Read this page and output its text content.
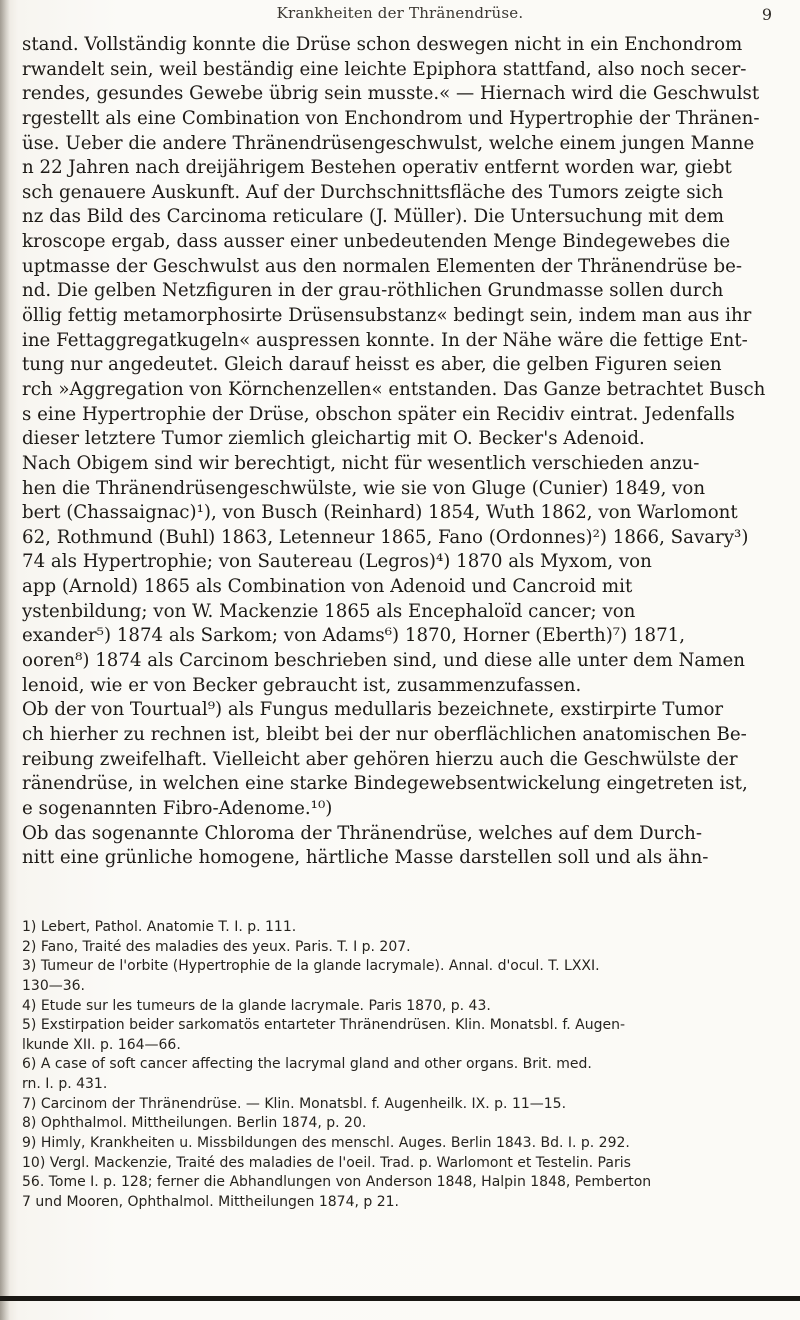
Krankheiten der Thränendrüse.	9
stand. Vollständig konnte die Drüse schon deswegen nicht in ein Enchondrom
rwandelt sein, weil beständig eine leichte Epiphora stattfand, also noch secer-
rendes, gesundes Gewebe übrig sein musste.« — Hiernach wird die Geschwulst
rgestellt als eine Combination von Enchondrom und Hypertrophie der Thränen-
üse. Ueber die andere Thränendrüsengeschwulst, welche einem jungen Manne
n 22 Jahren nach dreijährigem Bestehen operativ entfernt worden war, giebt
sch genauere Auskunft. Auf der Durchschnittsfläche des Tumors zeigte sich
nz das Bild des Carcinoma reticulare (J. Müller). Die Untersuchung mit dem
kroscope ergab, dass ausser einer unbedeutenden Menge Bindegewebes die
uptmasse der Geschwulst aus den normalen Elementen der Thränendrüse be-
nd. Die gelben Netzfiguren in der grau-röthlichen Grundmasse sollen durch
öllig fettig metamorphosirte Drüsensubstanz« bedingt sein, indem man aus ihr
ine Fettaggregatkugeln« auspressen konnte. In der Nähe wäre die fettige Ent-
tung nur angedeutet. Gleich darauf heisst es aber, die gelben Figuren seien
rch »Aggregation von Körnchenzellen« entstanden. Das Ganze betrachtet Busch
s eine Hypertrophie der Drüse, obschon später ein Recidiv eintrat. Jedenfalls
dieser letztere Tumor ziemlich gleichartig mit O. Becker's Adenoid.
Nach Obigem sind wir berechtigt, nicht für wesentlich verschieden anzu-
hen die Thränendrüsengeschwülste, wie sie von Gluge (Cunier) 1849, von
bert (Chassaignac)¹), von Busch (Reinhard) 1854, Wuth 1862, von Warlomont
62, Rothmund (Buhl) 1863, Letenneur 1865, Fano (Ordonnes)²) 1866, Savary³)
74 als Hypertrophie; von Sautereau (Legros)⁴) 1870 als Myxom, von
app (Arnold) 1865 als Combination von Adenoid und Cancroid mit
ystenbildung; von W. Mackenzie 1865 als Encephaloïd cancer; von
exander⁵) 1874 als Sarkom; von Adams⁶) 1870, Horner (Eberth)⁷) 1871,
ooren⁸) 1874 als Carcinom beschrieben sind, und diese alle unter dem Namen
lenoid, wie er von Becker gebraucht ist, zusammenzufassen.
Ob der von Tourtual⁹) als Fungus medullaris bezeichnete, exstirpirte Tumor
ch hierher zu rechnen ist, bleibt bei der nur oberflächlichen anatomischen Be-
reibung zweifelhaft. Vielleicht aber gehören hierzu auch die Geschwülste der
ränendrüse, in welchen eine starke Bindegewebsentwickelung eingetreten ist,
e sogenannten Fibro-Adenome.¹⁰)
Ob das sogenannte Chloroma der Thränendrüse, welches auf dem Durch-
nitt eine grünliche homogene, härtliche Masse darstellen soll und als ähn-
1) Lebert, Pathol. Anatomie T. I. p. 111.
2) Fano, Traité des maladies des yeux. Paris. T. I p. 207.
3) Tumeur de l'orbite (Hypertrophie de la glande lacrymale). Annal. d'ocul. T. LXXI.
130—36.
4) Etude sur les tumeurs de la glande lacrymale. Paris 1870, p. 43.
5) Exstirpation beider sarkomatös entarteter Thränendrüsen. Klin. Monatsbl. f. Augen-
lkunde XII. p. 164—66.
6) A case of soft cancer affecting the lacrymal gland and other organs. Brit. med.
rn. I. p. 431.
7) Carcinom der Thränendrüse. — Klin. Monatsbl. f. Augenheilk. IX. p. 11—15.
8) Ophthalmol. Mittheilungen. Berlin 1874, p. 20.
9) Himly, Krankheiten u. Missbildungen des menschl. Auges. Berlin 1843. Bd. I. p. 292.
10) Vergl. Mackenzie, Traité des maladies de l'oeil. Trad. p. Warlomont et Testelin. Paris
56. Tome I. p. 128; ferner die Abhandlungen von Anderson 1848, Halpin 1848, Pemberton
7 und Mooren, Ophthalmol. Mittheilungen 1874, p 21.
